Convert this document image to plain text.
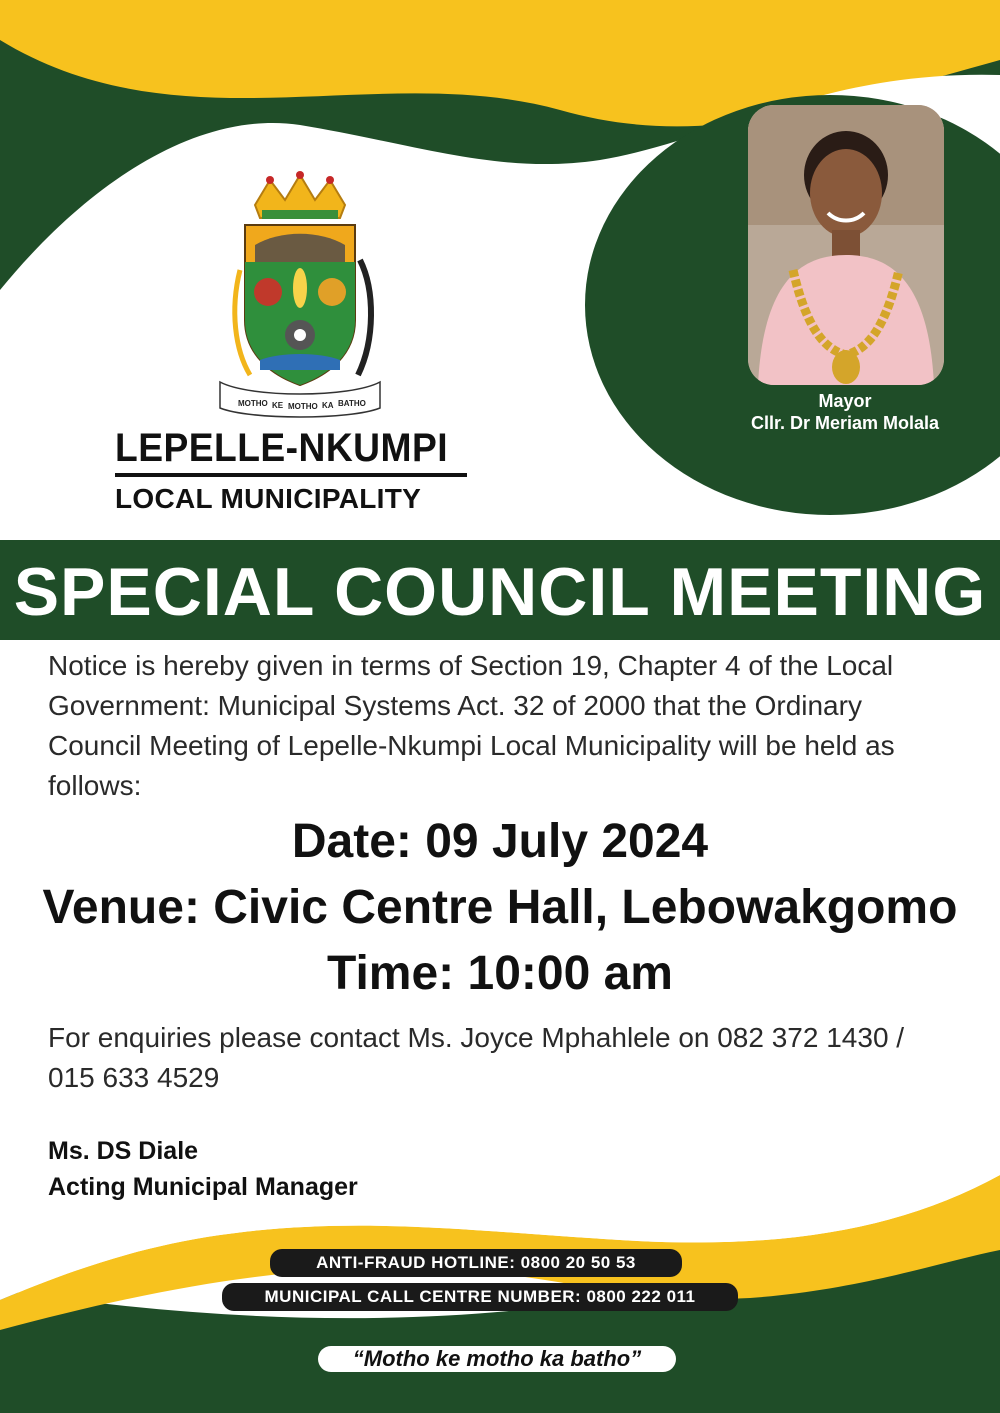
MOTHO KE MOTHO KA BATHO
LEPELLE-NKUMPI
LOCAL MUNICIPALITY
Mayor
Cllr. Dr Meriam Molala
SPECIAL COUNCIL MEETING
Notice is hereby given in terms of Section 19, Chapter 4 of the Local Government: Municipal Systems Act. 32 of 2000 that the Ordinary Council Meeting of Lepelle-Nkumpi Local Municipality will be held as follows:
Date: 09 July 2024
Venue: Civic Centre Hall, Lebowakgomo
Time: 10:00 am
For enquiries please contact Ms. Joyce Mphahlele on 082 372 1430 / 015 633 4529
Ms. DS Diale
Acting Municipal Manager
ANTI-FRAUD HOTLINE: 0800 20 50 53
MUNICIPAL CALL CENTRE NUMBER: 0800 222 011
“Motho ke motho ka batho”
